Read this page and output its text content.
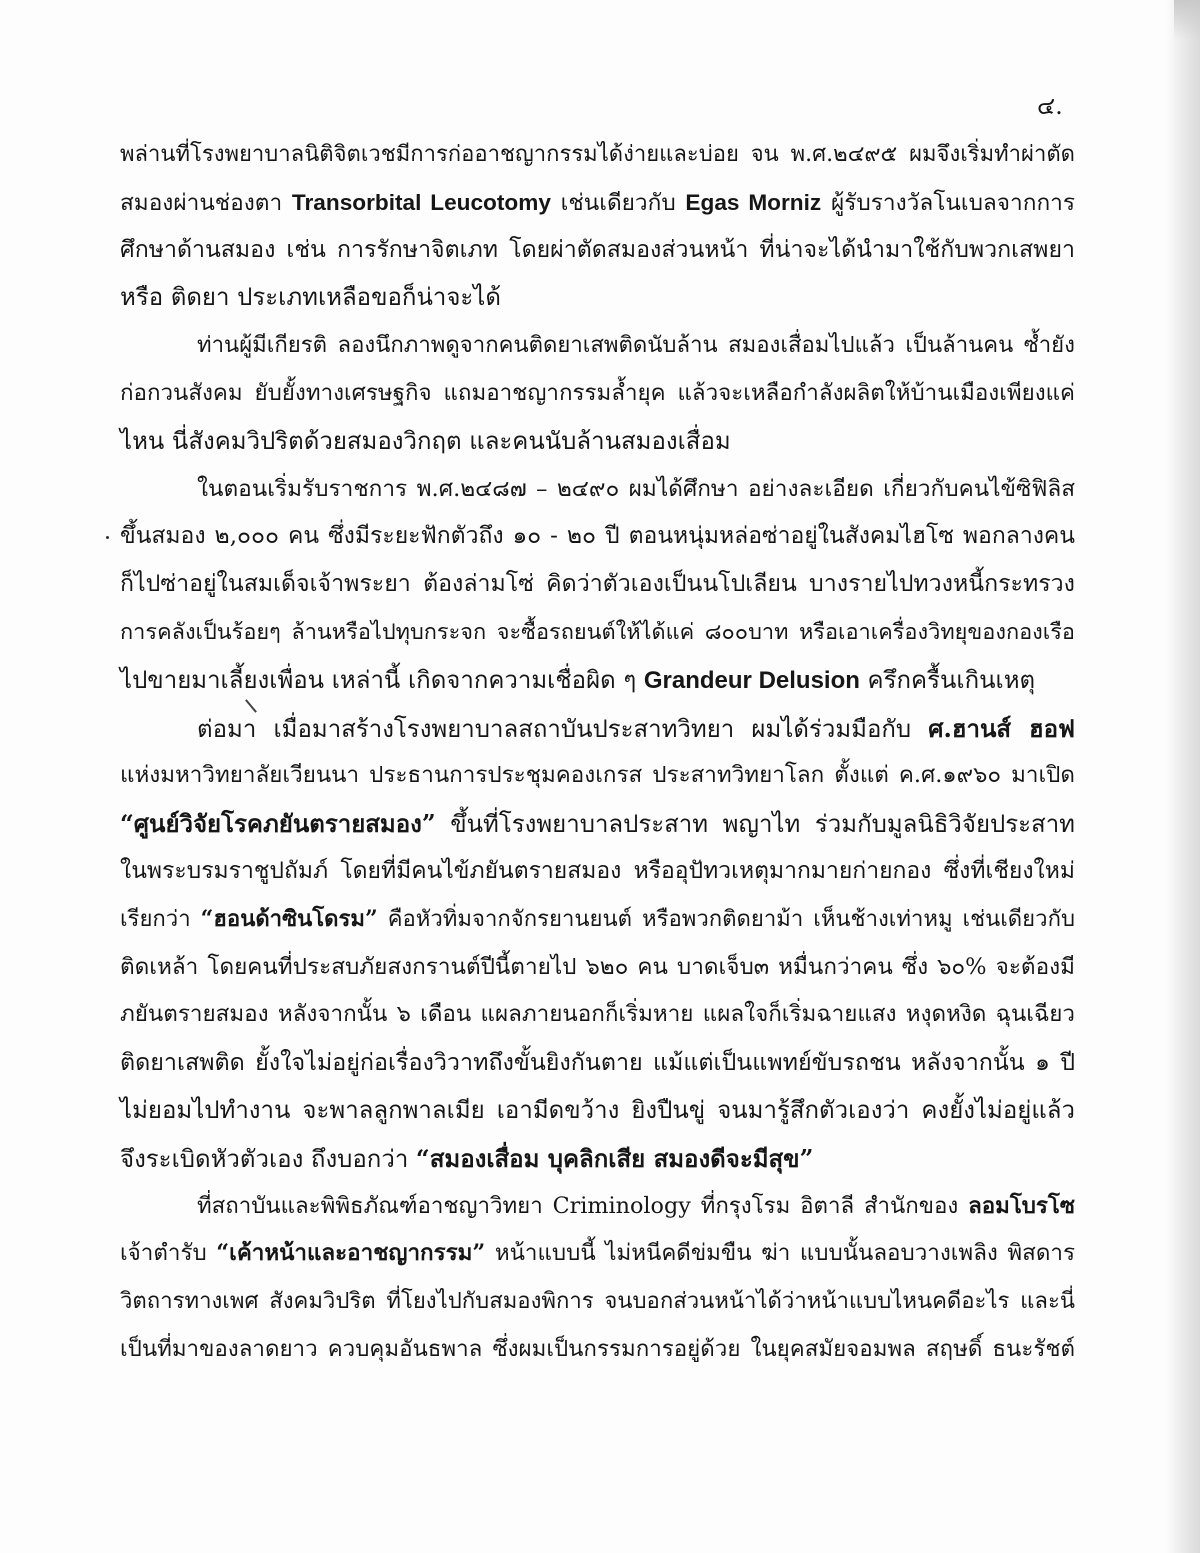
๔.
พล่านที่โรงพยาบาลนิติจิตเวชมีการก่ออาชญากรรมได้ง่ายและบ่อย จน พ.ศ.๒๔๙๕ ผมจึงเริ่มทำผ่าตัด
สมองผ่านช่องตา Transorbital Leucotomy เช่นเดียวกับ Egas Morniz ผู้รับรางวัลโนเบลจากการ
ศึกษาด้านสมอง เช่น การรักษาจิตเภท โดยผ่าตัดสมองส่วนหน้า ที่น่าจะได้นำมาใช้กับพวกเสพยา
หรือ ติดยา ประเภทเหลือขอก็น่าจะได้
ท่านผู้มีเกียรติ ลองนึกภาพดูจากคนติดยาเสพติดนับล้าน สมองเสื่อมไปแล้ว เป็นล้านคน ซ้ำยัง
ก่อกวนสังคม ยับยั้งทางเศรษฐกิจ แถมอาชญากรรมล้ำยุค แล้วจะเหลือกำลังผลิตให้บ้านเมืองเพียงแค่
ไหน นี่สังคมวิปริตด้วยสมองวิกฤต และคนนับล้านสมองเสื่อม
ในตอนเริ่มรับราชการ พ.ศ.๒๔๘๗ – ๒๔๙๐ ผมได้ศึกษา อย่างละเอียด เกี่ยวกับคนไข้ซิฟิลิส
ขึ้นสมอง ๒,๐๐๐ คน ซึ่งมีระยะฟักตัวถึง ๑๐ - ๒๐ ปี ตอนหนุ่มหล่อซ่าอยู่ในสังคมไฮโซ พอกลางคน
ก็ไปซ่าอยู่ในสมเด็จเจ้าพระยา ต้องล่ามโซ่ คิดว่าตัวเองเป็นนโปเลียน บางรายไปทวงหนี้กระทรวง
การคลังเป็นร้อยๆ ล้านหรือไปทุบกระจก จะซื้อรถยนต์ให้ได้แค่ ๘๐๐บาท หรือเอาเครื่องวิทยุของกองเรือ
ไปขายมาเลี้ยงเพื่อน เหล่านี้ เกิดจากความเชื่อผิด ๆ Grandeur Delusion ครึกครื้นเกินเหตุ
ต่อมา เมื่อมาสร้างโรงพยาบาลสถาบันประสาทวิทยา ผมได้ร่วมมือกับ ศ.ฮานส์ ฮอฟ
แห่งมหาวิทยาลัยเวียนนา ประธานการประชุมคองเกรส ประสาทวิทยาโลก ตั้งแต่ ค.ศ.๑๙๖๐ มาเปิด
“ศูนย์วิจัยโรคภยันตรายสมอง” ขึ้นที่โรงพยาบาลประสาท พญาไท ร่วมกับมูลนิธิวิจัยประสาท
ในพระบรมราชูปถัมภ์ โดยที่มีคนไข้ภยันตรายสมอง หรืออุปัทวเหตุมากมายก่ายกอง ซึ่งที่เชียงใหม่
เรียกว่า “ฮอนด้าซินโดรม” คือหัวทิ่มจากจักรยานยนต์ หรือพวกติดยาม้า เห็นช้างเท่าหมู เช่นเดียวกับ
ติดเหล้า โดยคนที่ประสบภัยสงกรานต์ปีนี้ตายไป ๖๒๐ คน บาดเจ็บ๓ หมื่นกว่าคน ซึ่ง ๖๐% จะต้องมี
ภยันตรายสมอง หลังจากนั้น ๖ เดือน แผลภายนอกก็เริ่มหาย แผลใจก็เริ่มฉายแสง หงุดหงิด ฉุนเฉียว
ติดยาเสพติด ยั้งใจไม่อยู่ก่อเรื่องวิวาทถึงขั้นยิงกันตาย แม้แต่เป็นแพทย์ขับรถชน หลังจากนั้น ๑ ปี
ไม่ยอมไปทำงาน จะพาลลูกพาลเมีย เอามีดขว้าง ยิงปืนขู่ จนมารู้สึกตัวเองว่า คงยั้งไม่อยู่แล้ว
จึงระเบิดหัวตัวเอง ถึงบอกว่า “สมองเสื่อม บุคลิกเสีย สมองดีจะมีสุข”
ที่สถาบันและพิพิธภัณฑ์อาชญาวิทยา Criminology ที่กรุงโรม อิตาลี สำนักของ ลอมโบรโซ
เจ้าตำรับ “เค้าหน้าและอาชญากรรม” หน้าแบบนี้ ไม่หนีคดีข่มขืน ฆ่า แบบนั้นลอบวางเพลิง พิสดาร
วิตถารทางเพศ สังคมวิปริต ที่โยงไปกับสมองพิการ จนบอกส่วนหน้าได้ว่าหน้าแบบไหนคดีอะไร และนี่
เป็นที่มาของลาดยาว ควบคุมอันธพาล ซึ่งผมเป็นกรรมการอยู่ด้วย ในยุคสมัยจอมพล สฤษดิ์ ธนะรัชต์
